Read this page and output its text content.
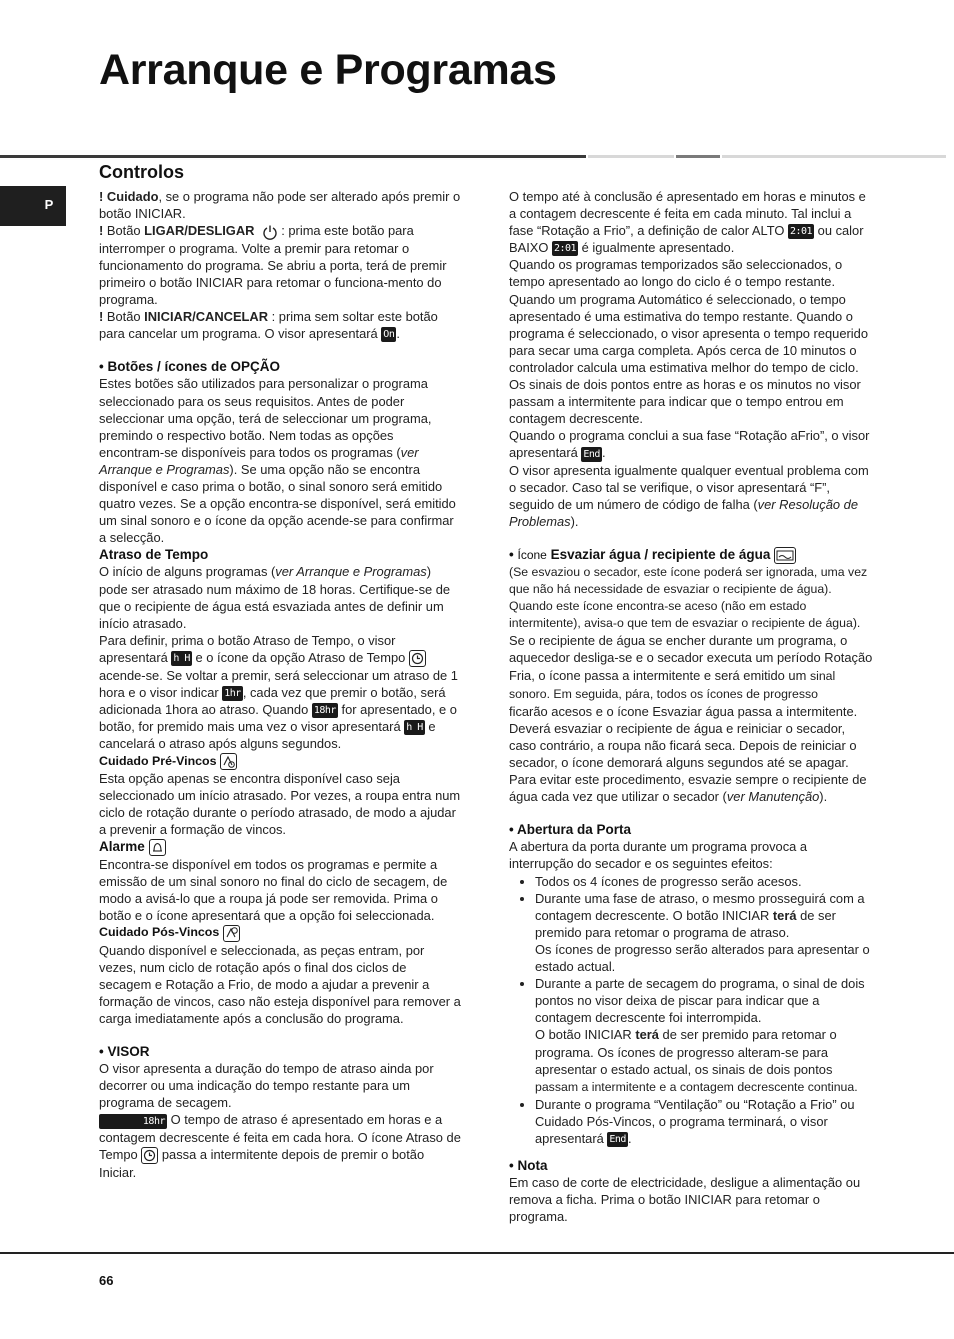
Arranque e Programas
P
Controlos

! Cuidado, se o programa não pode ser alterado após premir o botão INICIAR.

! Botão LIGAR/DESLIGAR   : prima este botão para interromper o programa. Volte a premir para retomar o funcionamento do programa. Se abriu a porta, terá de premir primeiro o botão INICIAR para retomar o funciona-mento do programa.

! Botão INICIAR/CANCELAR : prima sem soltar este botão para cancelar um programa. O visor apresentará On .

• Botões / ícones de OPÇÃO

Estes botões são utilizados para personalizar o programa seleccionado para os seus requisitos. Antes de poder seleccionar uma opção, terá de seleccionar um programa, premindo o respectivo botão. Nem todas as opções encontram-se disponíveis para todos os programas (ver Arranque e Programas). Se uma opção não se encontra disponível e caso prima o botão, o sinal sonoro será emitido quatro vezes. Se a opção encontra-se disponível, será emitido um sinal sonoro e o ícone da opção acende-se para confirmar a selecção.

Atraso de Tempo

O início de alguns programas (ver Arranque e Programas) pode ser atrasado num máximo de 18 horas. Certifique-se de que o recipiente de água está esvaziada antes de definir um início atrasado.

Para definir, prima o botão Atraso de Tempo, o visor apresentará h H e o ícone da opção Atraso de Tempo  acende-se. Se voltar a premir, será seleccionar um atraso de 1 hora e o visor indicar 1hr , cada vez que premir o botão, será adicionada 1hora ao atraso. Quando 18hr for apresentado, e o botão, for premido mais uma vez o visor apresentará h H e cancelará o atraso após alguns segundos.

Cuidado Pré-Vincos

Esta opção apenas se encontra disponível caso seja seleccionado um início atrasado. Por vezes, a roupa entra num ciclo de rotação durante o período atrasado, de modo a ajudar a prevenir a formação de vincos.

Alarme

Encontra-se disponível em todos os programas e permite a emissão de um sinal sonoro no final do ciclo de secagem, de modo a avisá-lo que a roupa já pode ser removida. Prima o botão e o ícone apresentará que a opção foi seleccionada.

Cuidado Pós-Vincos

Quando disponível e seleccionada, as peças entram, por vezes, num ciclo de rotação após o final dos ciclos de secagem e Rotação a Frio, de modo a ajudar a prevenir a formação de vincos, caso não esteja disponível para remover a carga imediatamente após a conclusão do programa.

• VISOR

O visor apresenta a duração do tempo de atraso ainda por decorrer ou uma indicação do tempo restante para um programa de secagem.

18hr O tempo de atraso é apresentado em horas e a contagem decrescente é feita em cada hora. O ícone Atraso de Tempo  passa a intermitente depois de premir o botão Iniciar.

O tempo até à conclusão é apresentado em horas e minutos e a contagem decrescente é feita em cada minuto. Tal inclui a fase “Rotação a Frio”, a definição de calor ALTO 2:01 ou calor BAIXO 2:01 é igualmente apresentado.

Quando os programas temporizados são seleccionados, o tempo apresentado ao longo do ciclo é o tempo restante. Quando um programa Automático é seleccionado, o tempo apresentado é uma estimativa do tempo restante. Quando o programa é seleccionado, o visor apresenta o tempo requerido para secar uma carga completa. Após cerca de 10 minutos o controlador calcula uma estimativa melhor do tempo de ciclo. Os sinais de dois pontos entre as horas e os minutos no visor passam a intermitente para indicar que o tempo entrou em contagem decrescente.

Quando o programa conclui a sua fase “Rotação aFrio”, o visor apresentará End .

O visor apresenta igualmente qualquer eventual problema com o secador. Caso tal se verifique, o visor apresentará “F”, seguido de um número de código de falha (ver Resolução de Problemas).

• Ícone Esvaziar água / recipiente de água

(Se esvaziou o secador, este ícone poderá ser ignorada, uma vez que não há necessidade de esvaziar o recipiente de água). Quando este ícone encontra-se aceso (não em estado intermitente), avisa-o que tem de esvaziar o recipiente de água).

Se o recipiente de água se encher durante um programa, o aquecedor desliga-se e o secador executa um período Rotação Fria, o ícone passa a intermitente e será emitido um sinal sonoro. Em seguida, pára, todos os ícones de progresso

ficarão acesos e o ícone Esvaziar água passa a intermitente. Deverá esvaziar o recipiente de água e reiniciar o secador, caso contrário, a roupa não ficará seca. Depois de reiniciar o secador, o ícone demorará alguns segundos até se apagar. Para evitar este procedimento, esvazie sempre o recipiente de água cada vez que utilizar o secador (ver Manutenção).

• Abertura da Porta

A abertura da porta durante um programa provoca a interrupção do secador e os seguintes efeitos:

• Todos os 4 ícones de progresso serão acesos.
• Durante uma fase de atraso, o mesmo prosseguirá com a contagem decrescente. O botão INICIAR terá de ser premido para retomar o programa de atraso.
Os ícones de progresso serão alterados para apresentar o estado actual.
• Durante a parte de secagem do programa, o sinal de dois pontos no visor deixa de piscar para indicar que a contagem decrescente foi interrompida.
O botão INICIAR terá de ser premido para retomar o programa. Os ícones de progresso alteram-se para apresentar o estado actual, os sinais de dois pontos passam a intermitente e a contagem decrescente continua.
• Durante o programa “Ventilação” ou “Rotação a Frio” ou Cuidado Pós-Vincos, o programa terminará, o visor apresentará End .

• Nota

Em caso de corte de electricidade, desligue a alimentação ou remova a ficha. Prima o botão INICIAR para retomar o programa.

66
